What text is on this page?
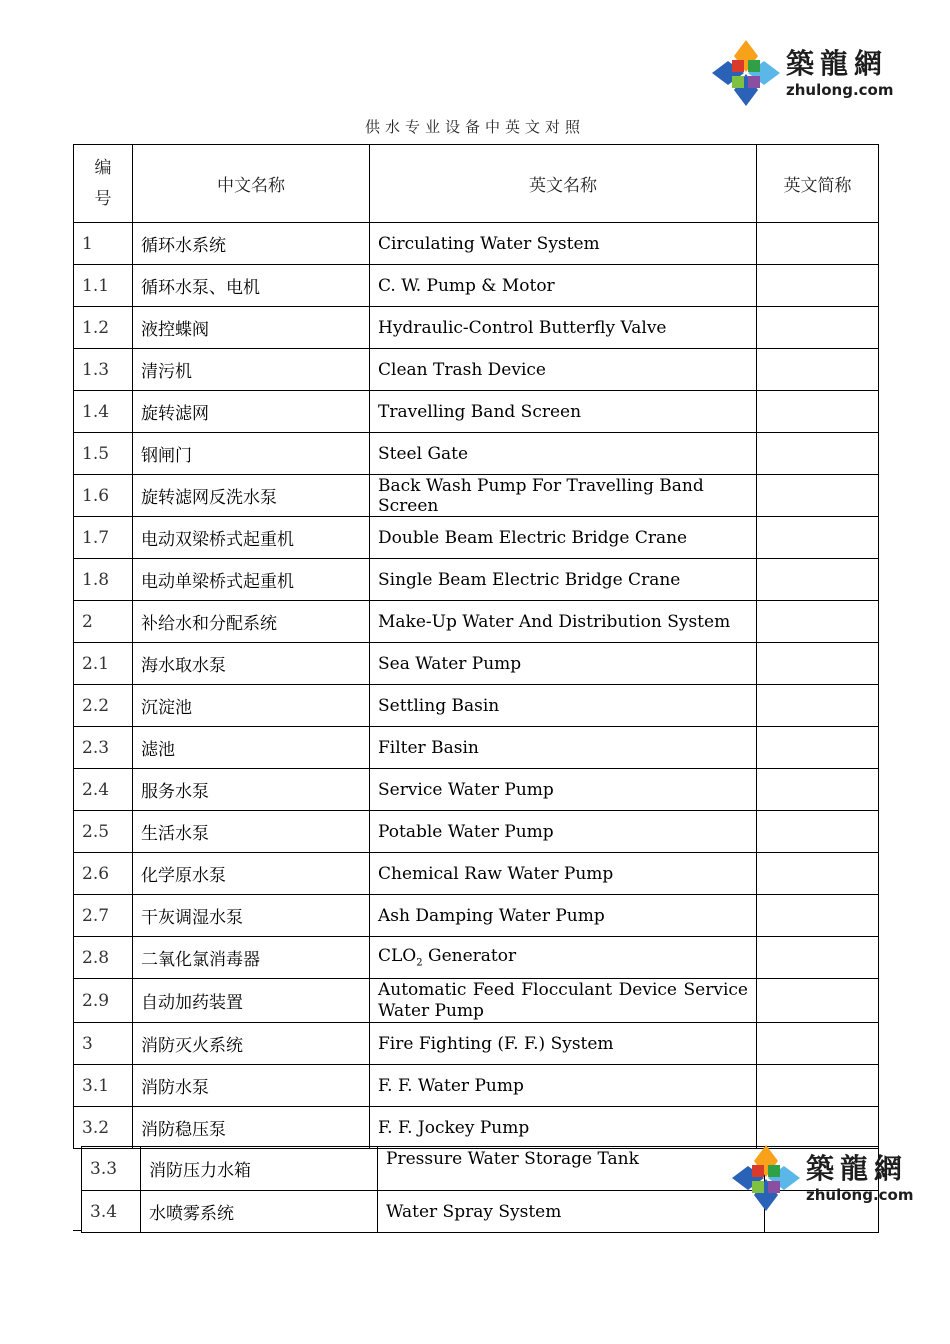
築龍網
zhulong.com
供水专业设备中英文对照
编
号	中文名称	英文名称	英文简称
1	循环水系统	Circulating Water System	
1.1	循环水泵、电机	C. W. Pump & Motor	
1.2	液控蝶阀	Hydraulic-Control Butterfly Valve	
1.3	清污机	Clean Trash Device	
1.4	旋转滤网	Travelling Band Screen	
1.5	钢闸门	Steel Gate	
1.6	旋转滤网反洗水泵	Back Wash Pump For Travelling Band Screen	
1.7	电动双梁桥式起重机	Double Beam Electric Bridge Crane	
1.8	电动单梁桥式起重机	Single Beam Electric Bridge Crane	
2	补给水和分配系统	Make-Up Water And Distribution System	
2.1	海水取水泵	Sea Water Pump	
2.2	沉淀池	Settling Basin	
2.3	滤池	Filter Basin	
2.4	服务水泵	Service Water Pump	
2.5	生活水泵	Potable Water Pump	
2.6	化学原水泵	Chemical Raw Water Pump	
2.7	干灰调湿水泵	Ash Damping Water Pump	
2.8	二氧化氯消毒器	$CLO_2$ Generator	
2.9	自动加药装置	Automatic Feed Flocculant Device Service
Water Pump	

3	消防灭火系统	Fire Fighting (F. F.) System	
3.1	消防水泵	F. F. Water Pump	
3.2	消防稳压泵	F. F. Jockey Pump	
3.3	消防压力水箱	Pressure Water Storage Tank	
3.4	水喷雾系统	Water Spray System	
築龍網
zhulong.com
